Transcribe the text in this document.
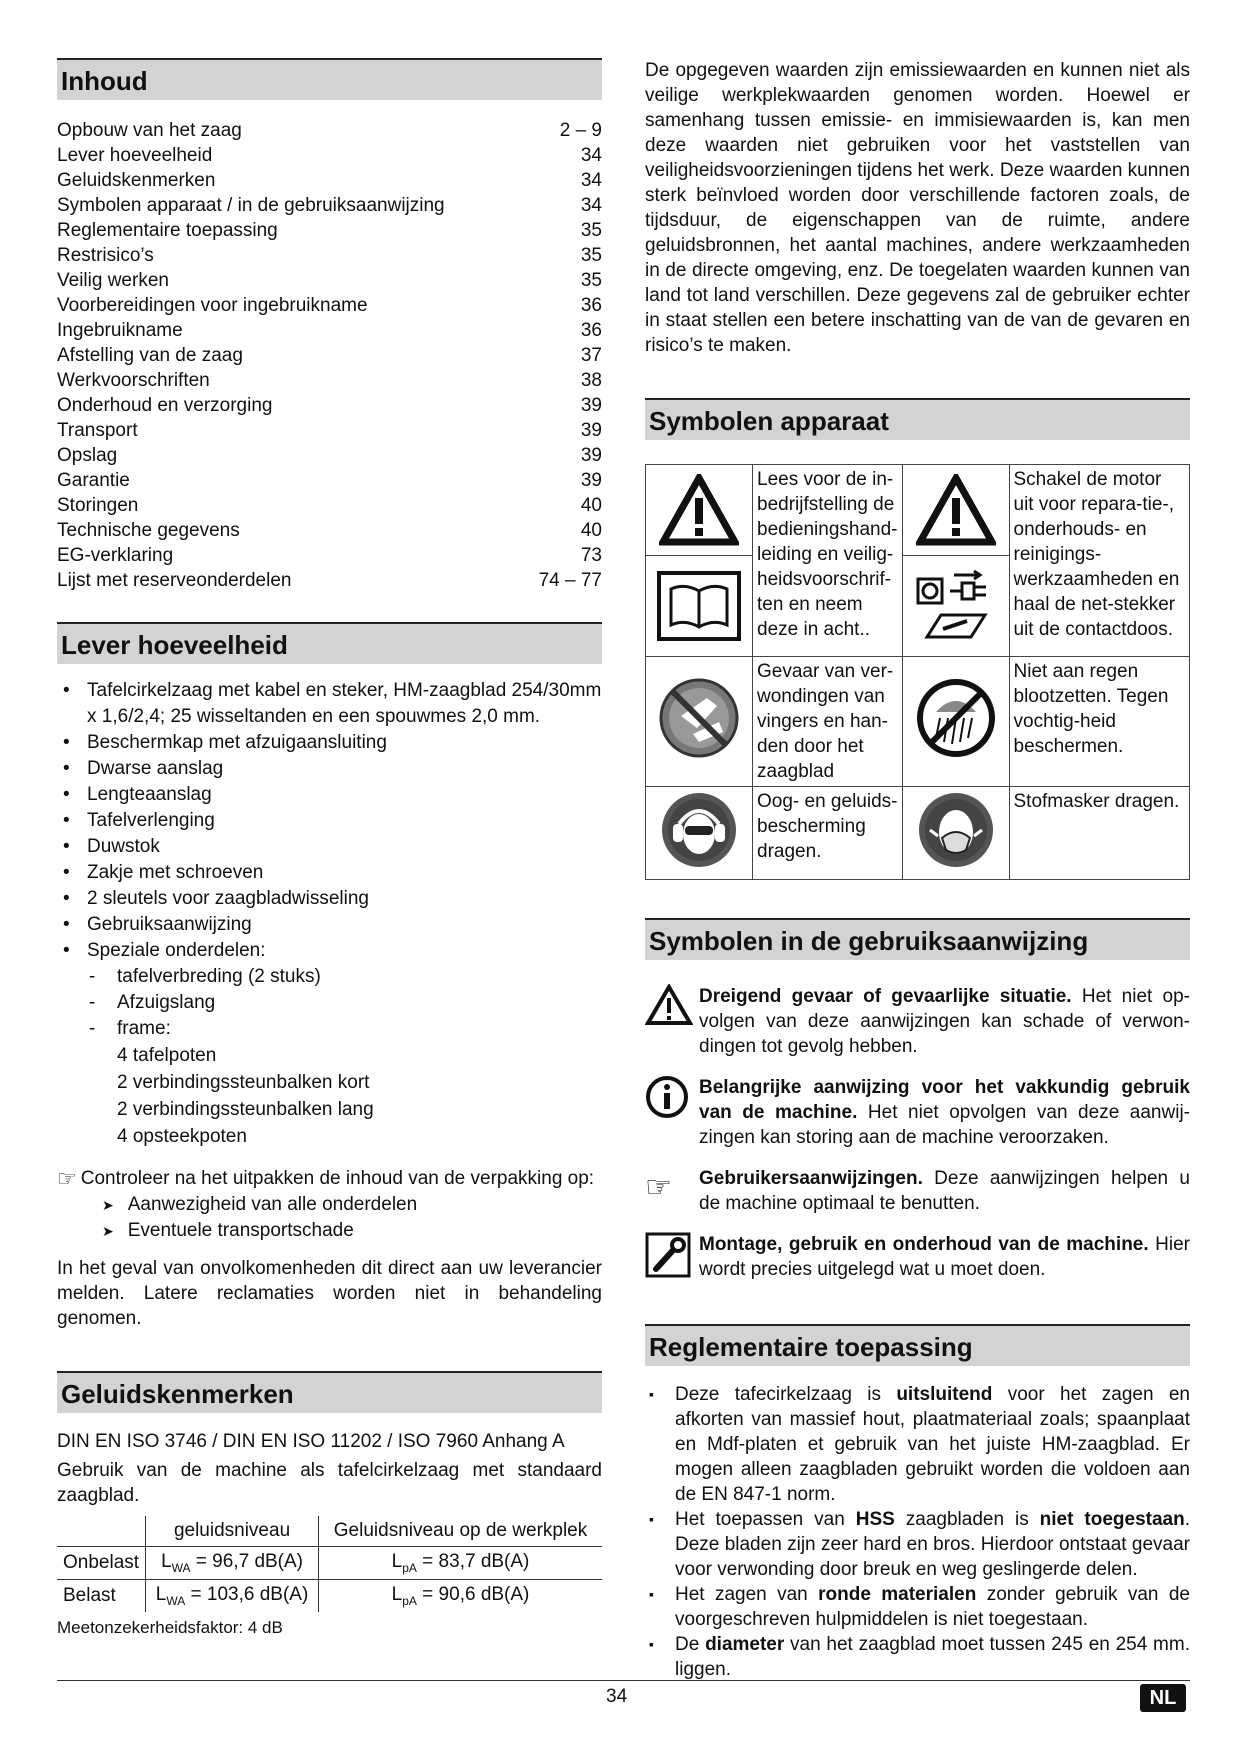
Inhoud
Opbouw van het zaag	2 – 9
Lever hoeveelheid	34
Geluidskenmerken	34
Symbolen apparaat / in de gebruiksaanwijzing	34
Reglementaire toepassing	35
Restrisico’s	35
Veilig werken	35
Voorbereidingen voor ingebruikname	36
Ingebruikname	36
Afstelling van de zaag	37
Werkvoorschriften	38
Onderhoud en verzorging	39
Transport	39
Opslag	39
Garantie	39
Storingen	40
Technische gegevens	40
EG-verklaring	73
Lijst met reserveonderdelen	74 – 77
Lever hoeveelheid
• Tafelcirkelzaag met kabel en steker, HM-zaagblad 254/30mm x 1,6/2,4; 25 wisseltanden en een spouwmes 2,0 mm.
• Beschermkap met afzuigaansluiting
• Dwarse aanslag
• Lengteaanslag
• Tafelverlenging
• Duwstok
• Zakje met schroeven
• 2 sleutels voor zaagbladwisseling
• Gebruiksaanwijzing
• Speziale onderdelen:
- tafelverbreding (2 stuks)
- Afzuigslang
- frame:
4 tafelpoten
2 verbindingssteunbalken kort
2 verbindingssteunbalken lang
4 opsteekpoten
☞ Controleer na het uitpakken de inhoud van de verpakking op:
➤ Aanwezigheid van alle onderdelen
➤ Eventuele transportschade
In het geval van onvolkomenheden dit direct aan uw leverancier melden. Latere reclamaties worden niet in behandeling genomen.
Geluidskenmerken
DIN EN ISO 3746 / DIN EN ISO 11202 / ISO 7960 Anhang A
Gebruik van de machine als tafelcirkelzaag met standaard zaagblad.
	geluidsniveau	Geluidsniveau op de werkplek
Onbelast	$L_{WA} = 96,7$ dB(A)	$L_{pA} = 83,7$ dB(A)
Belast	$L_{WA} = 103,6$ dB(A)	$L_{pA} = 90,6$ dB(A)
Meetonzekerheidsfaktor: 4 dB
De opgegeven waarden zijn emissiewaarden en kunnen niet als veilige werkplekwaarden genomen worden. Hoewel er samenhang tussen emissie- en immisiewaarden is, kan men deze waarden niet gebruiken voor het vaststellen van veiligheidsvoorzieningen tijdens het werk. Deze waarden kunnen sterk beïnvloed worden door verschillende factoren zoals, de tijdsduur, de eigenschappen van de ruimte, andere geluidsbronnen, het aantal machines, andere werkzaamheden in de directe omgeving, enz. De toegelaten waarden kunnen van land tot land verschillen. Deze gegevens zal de gebruiker echter in staat stellen een betere inschatting van de van de gevaren en risico’s te maken.
Symbolen apparaat
	Lees voor de in-bedrijfstelling de bedieningshand-leiding en veilig-heidsvoorschrif-ten en neem deze in acht..		Schakel de motor uit voor repara-tie-, onderhouds- en reinigings-werkzaamheden en haal de net-stekker uit de contactdoos.
	Gevaar van ver-wondingen van vingers en han-den door het zaagblad		Niet aan regen blootzetten. Tegen vochtig-heid beschermen.
	Oog- en geluids-bescherming dragen.		Stofmasker dragen.
Symbolen in de gebruiksaanwijzing
Dreigend gevaar of gevaarlijke situatie. Het niet op-volgen van deze aanwijzingen kan schade of verwon-dingen tot gevolg hebben.
Belangrijke aanwijzing voor het vakkundig gebruik van de machine. Het niet opvolgen van deze aanwij-zingen kan storing aan de machine veroorzaken.
☞	Gebruikersaanwijzingen. Deze aanwijzingen helpen u de machine optimaal te benutten.
Montage, gebruik en onderhoud van de machine. Hier wordt precies uitgelegd wat u moet doen.
Reglementaire toepassing
▪ Deze tafecirkelzaag is uitsluitend voor het zagen en afkorten van massief hout, plaatmateriaal zoals; spaanplaat en Mdf-platen et gebruik van het juiste HM-zaagblad. Er mogen alleen zaagbladen gebruikt worden die voldoen aan de EN 847-1 norm.
▪ Het toepassen van HSS zaagbladen is niet toegestaan. Deze bladen zijn zeer hard en bros. Hierdoor ontstaat gevaar voor verwonding door breuk en weg geslingerde delen.
▪ Het zagen van ronde materialen zonder gebruik van de voorgeschreven hulpmiddelen is niet toegestaan.
▪ De diameter van het zaagblad moet tussen 245 en 254 mm. liggen.
34	NL
